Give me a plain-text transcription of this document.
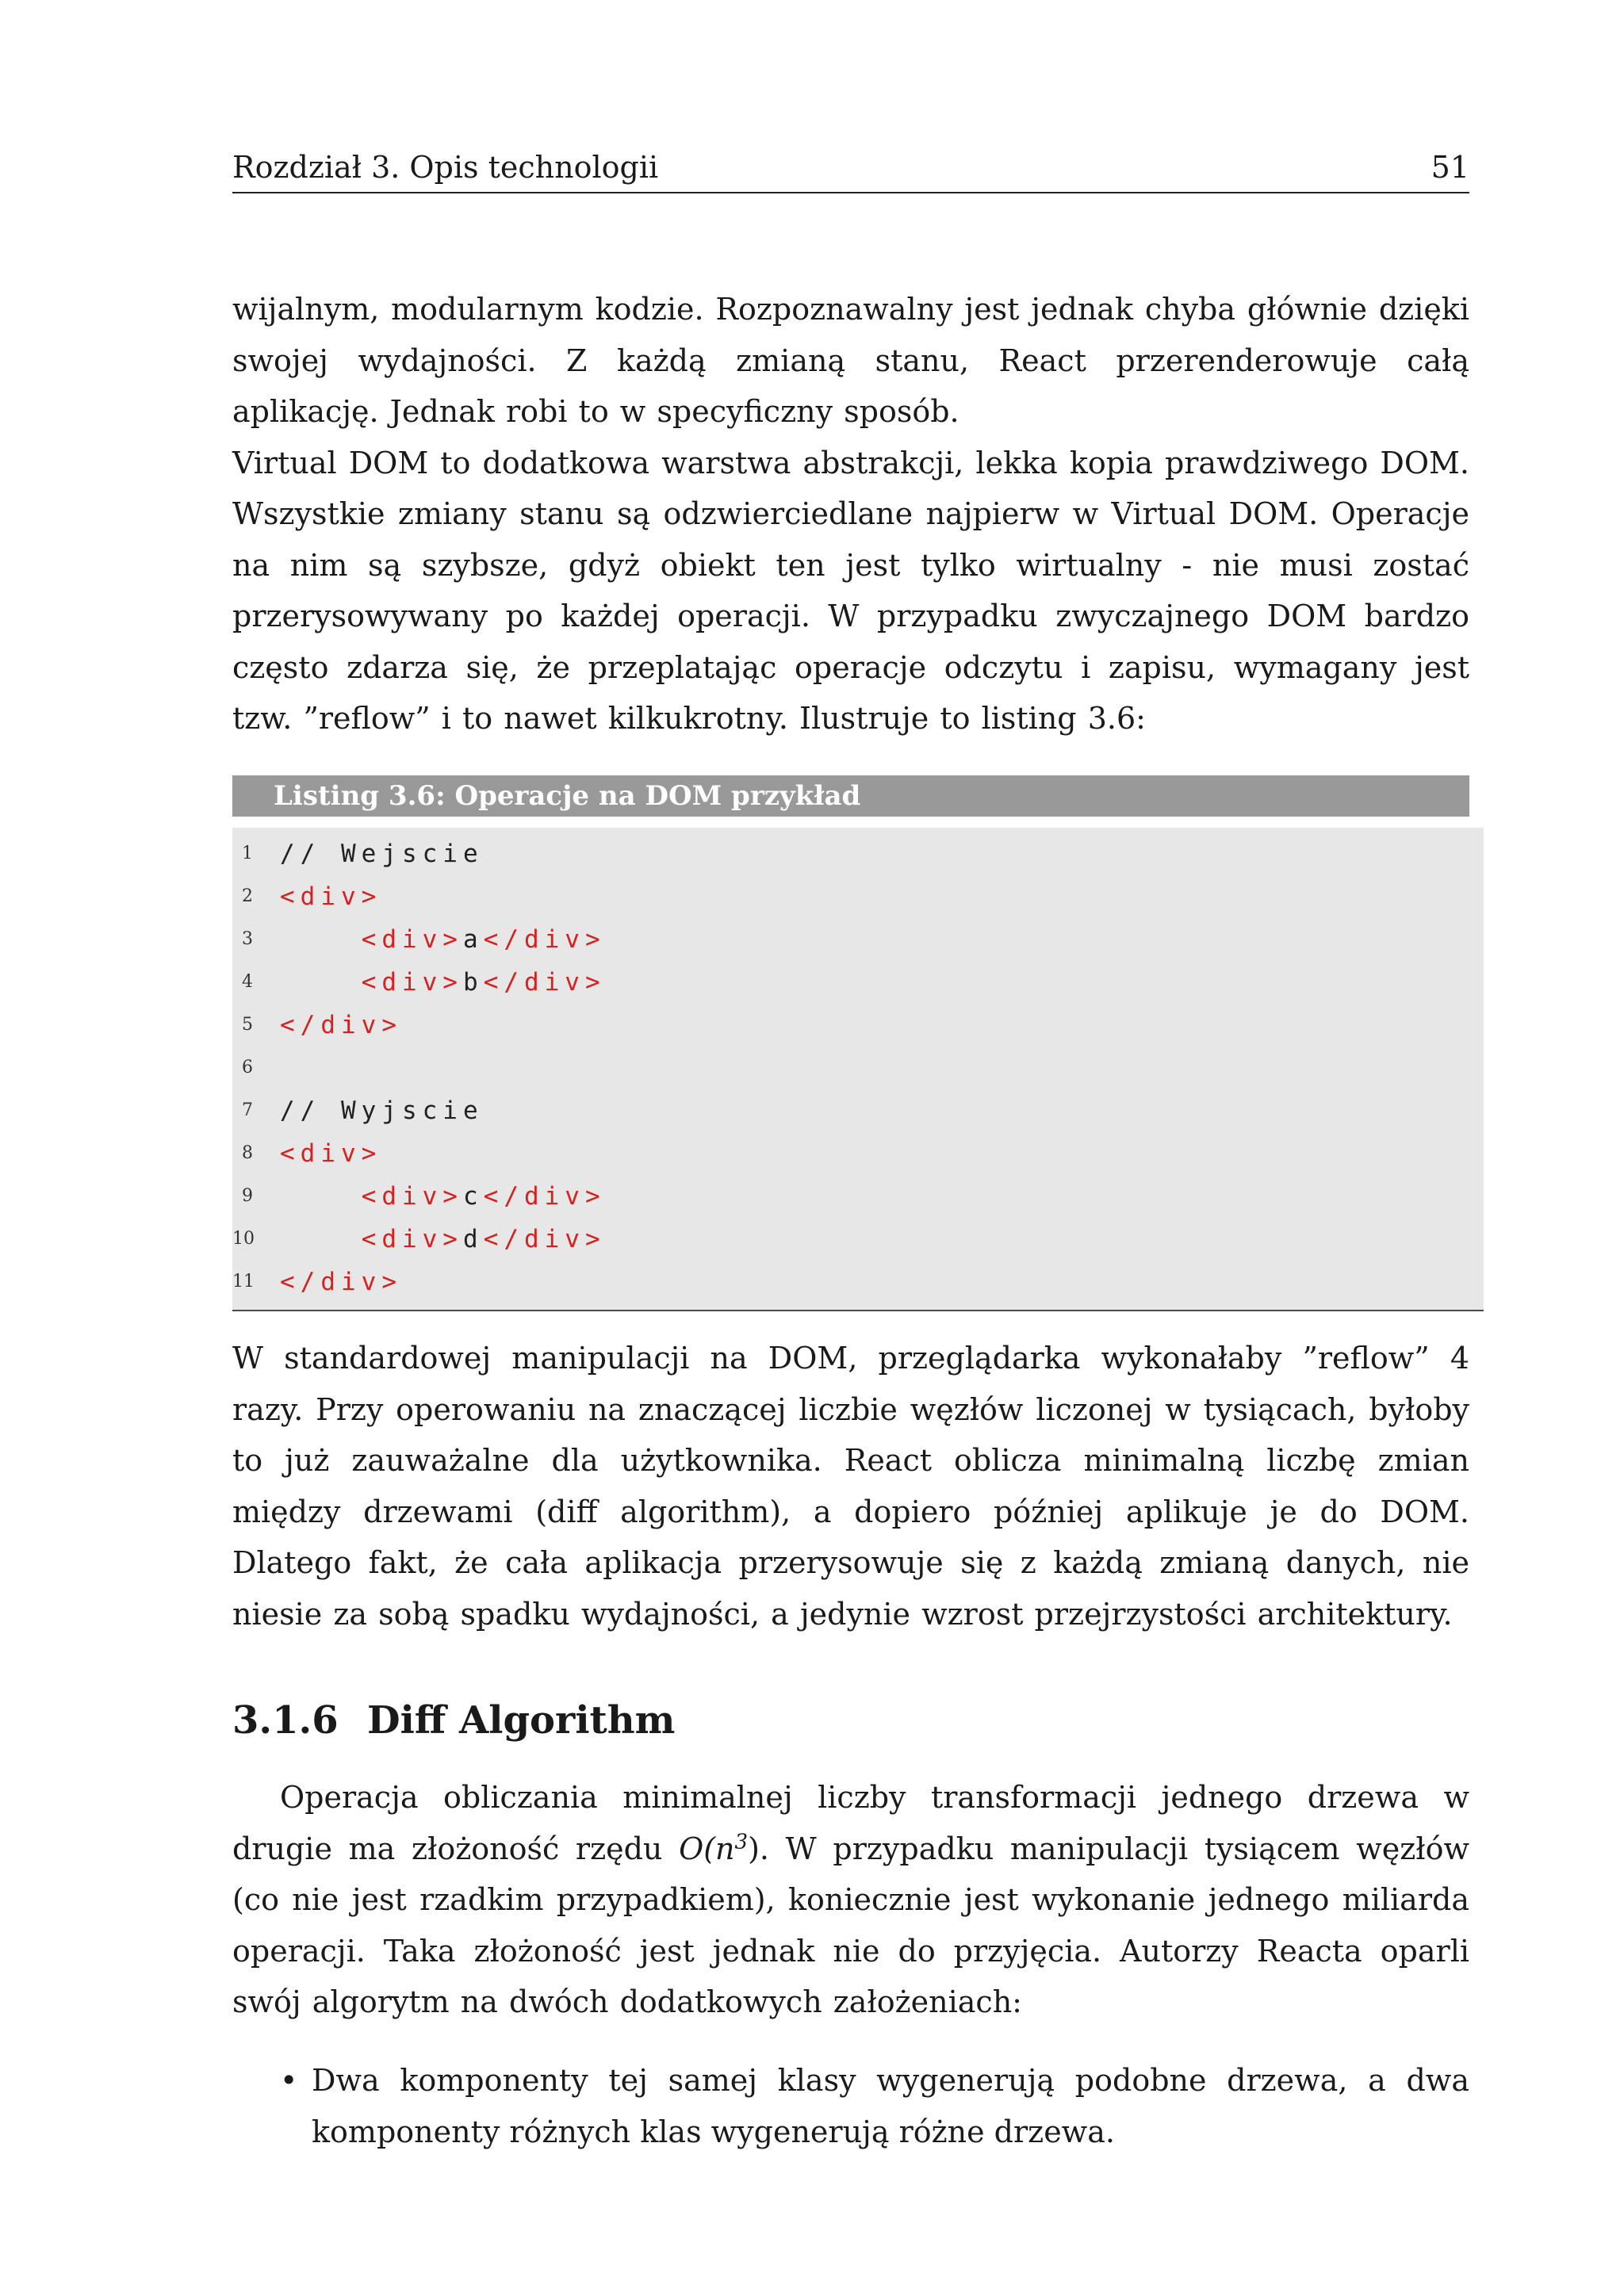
Rozdział 3. Opis technologii	51
wijalnym, modularnym kodzie. Rozpoznawalny jest jednak chyba głównie dzięki swojej wydajności. Z każdą zmianą stanu, React przerenderowuje całą aplikację. Jednak robi to w specyficzny sposób.
Virtual DOM to dodatkowa warstwa abstrakcji, lekka kopia prawdziwego DOM. Wszystkie zmiany stanu są odzwierciedlane najpierw w Virtual DOM. Operacje na nim są szybsze, gdyż obiekt ten jest tylko wirtualny - nie musi zostać przerysowywany po każdej operacji. W przypadku zwyczajnego DOM bardzo często zdarza się, że przeplatając operacje odczytu i zapisu, wymagany jest tzw. ”reflow” i to nawet kilkukrotny. Ilustruje to listing 3.6:
Listing 3.6: Operacje na DOM przykład
1 // Wejscie
2 <div>
3	<div>a</div>
4	<div>b</div>
5 </div>
6
7 // Wyjscie
8 <div>
9	<div>c</div>
10	<div>d</div>
11 </div>

W standardowej manipulacji na DOM, przeglądarka wykonałaby ”reflow” 4 razy. Przy operowaniu na znaczącej liczbie węzłów liczonej w tysiącach, byłoby to już zauważalne dla użytkownika. React oblicza minimalną liczbę zmian między drzewami (diff algorithm), a dopiero później aplikuje je do DOM. Dlatego fakt, że cała aplikacja przerysowuje się z każdą zmianą danych, nie niesie za sobą spadku wydajności, a jedynie wzrost przejrzystości architektury.

3.1.6 Diff Algorithm

Operacja obliczania minimalnej liczby transformacji jednego drzewa w drugie ma złożoność rzędu $O(n^3)$. W przypadku manipulacji tysiącem węzłów (co nie jest rzadkim przypadkiem), koniecznie jest wykonanie jednego miliarda operacji. Taka złożoność jest jednak nie do przyjęcia. Autorzy Reacta oparli swój algorytm na dwóch dodatkowych założeniach:

• Dwa komponenty tej samej klasy wygenerują podobne drzewa, a dwa komponenty różnych klas wygenerują różne drzewa.
